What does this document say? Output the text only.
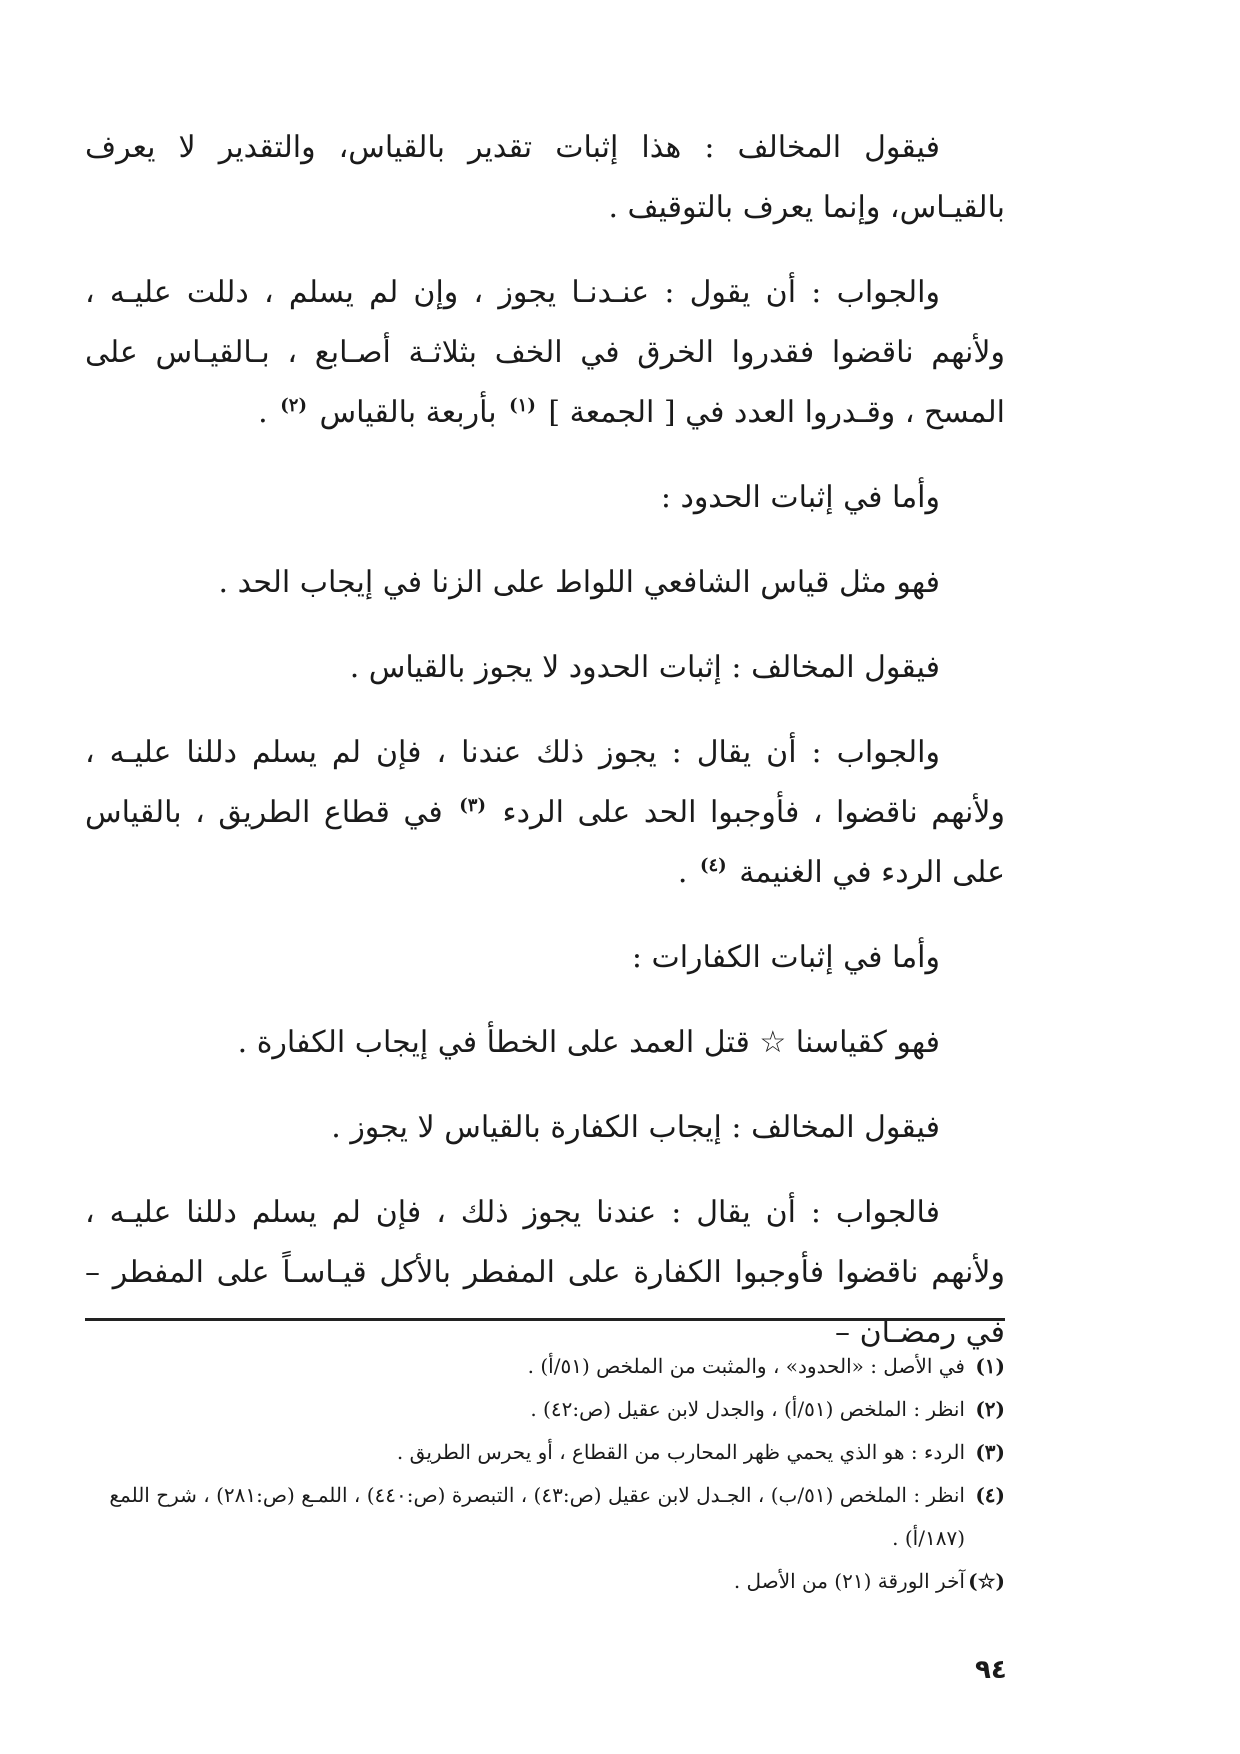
فيقول المخالف : هذا إثبات تقدير بالقياس، والتقدير لا يعرف بالقيـاس، وإنما يعرف بالتوقيف .

والجواب : أن يقول : عنـدنـا يجوز ، وإن لم يسلم ، دللت عليـه ، ولأنهم ناقضوا فقدروا الخرق في الخف بثلاثـة أصـابع ، بـالقيـاس على المسح ، وقـدروا العدد في [ الجمعة ] $^{(١)}$ بأربعة بالقياس $^{(٢)}$ .

وأما في إثبات الحدود :

فهو مثل قياس الشافعي اللواط على الزنا في إيجاب الحد .

فيقول المخالف : إثبات الحدود لا يجوز بالقياس .

والجواب : أن يقال : يجوز ذلك عندنا ، فإن لم يسلم دللنا عليـه ، ولأنهم ناقضوا ، فأوجبوا الحد على الردء $^{(٣)}$ في قطاع الطريق ، بالقياس على الردء في الغنيمة $^{(٤)}$ .

وأما في إثبات الكفارات :

فهو كقياسنا ☆ قتل العمد على الخطأ في إيجاب الكفارة .

فيقول المخالف : إيجاب الكفارة بالقياس لا يجوز .

فالجواب : أن يقال : عندنا يجوز ذلك ، فإن لم يسلم دللنا عليـه ، ولأنهم ناقضوا فأوجبوا الكفارة على المفطر بالأكل قيـاسـاً على المفطر – في رمضـان –

(١)
في الأصل : «الحدود» ، والمثبت من الملخص (٥١/أ) .
(٢)
انظر : الملخص (٥١/أ) ، والجدل لابن عقيل (ص:٤٢) .
(٣)
الردء : هو الذي يحمي ظهر المحارب من القطاع ، أو يحرس الطريق .
(٤)
انظر : الملخص (٥١/ب) ، الجـدل لابن عقيل (ص:٤٣) ، التبصرة (ص:٤٤٠) ، اللمـع (ص:٢٨١) ، شرح اللمع (١٨٧/أ) .
(☆)
آخر الورقة (٢١) من الأصل .
٩٤
